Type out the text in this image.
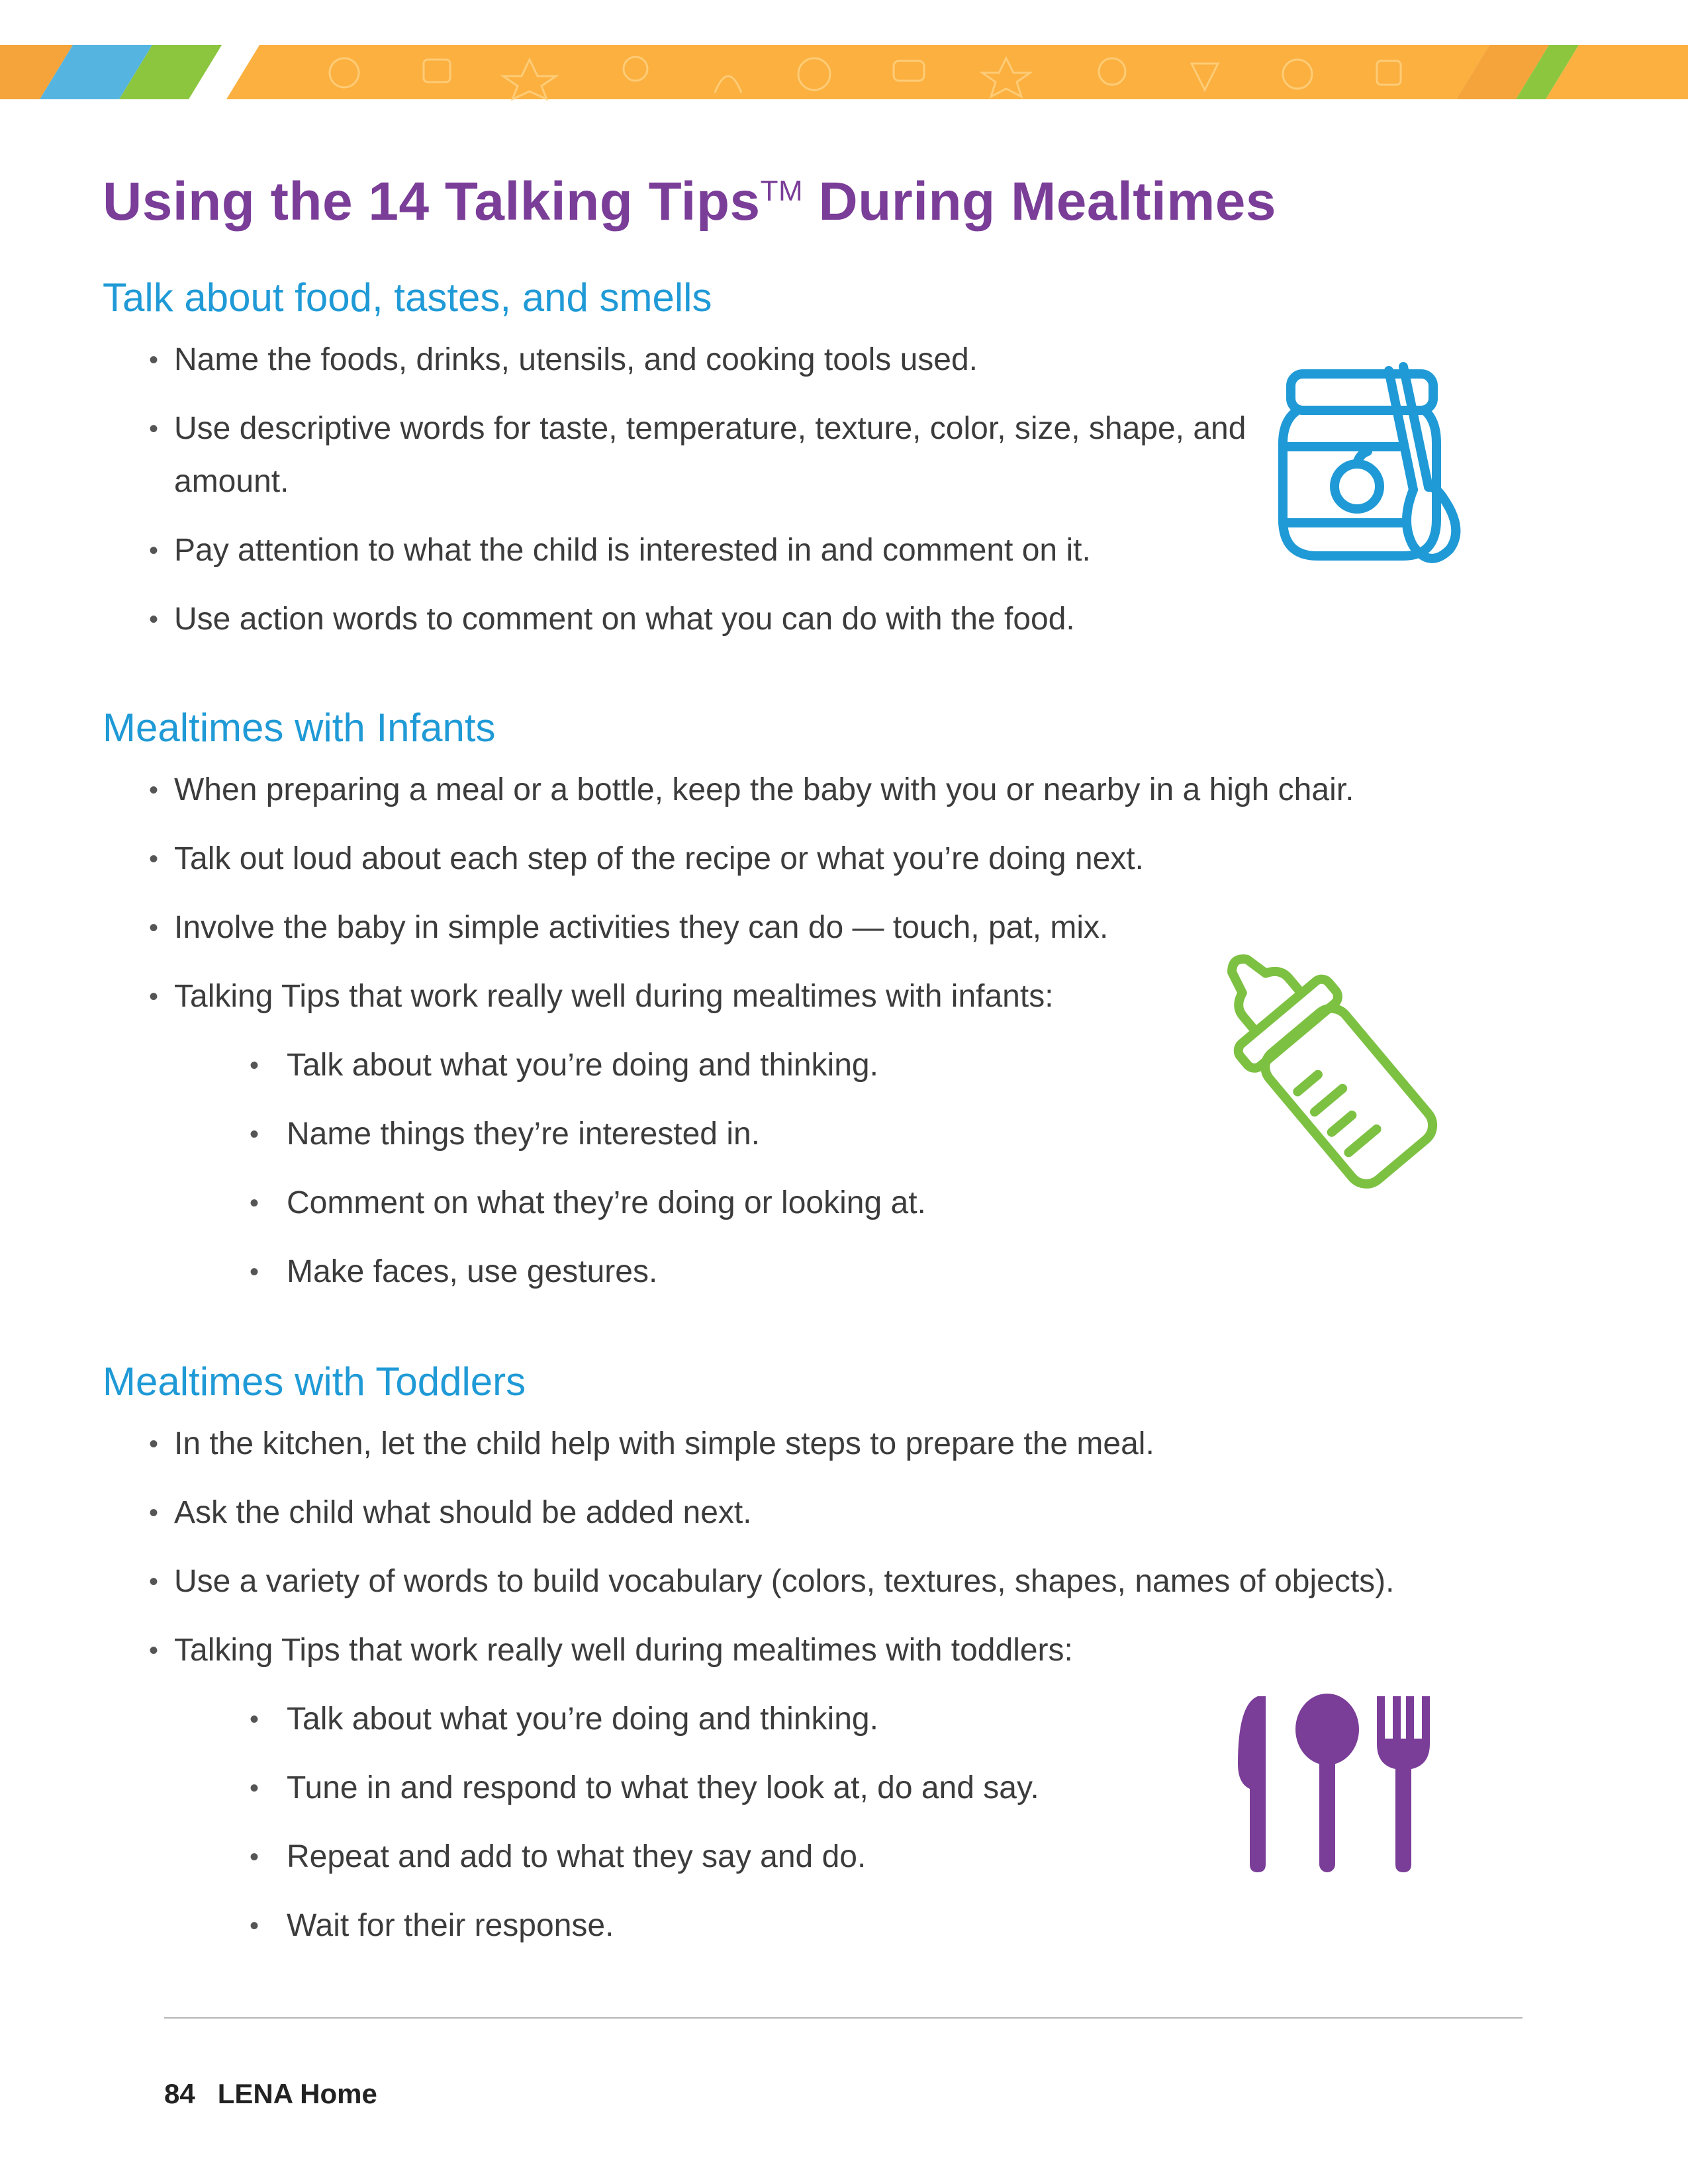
Using the 14 Talking Tips™ During Mealtimes
Talk about food, tastes, and smells
• Name the foods, drinks, utensils, and cooking tools used.
• Use descriptive words for taste, temperature, texture, color, size, shape, and amount.
• Pay attention to what the child is interested in and comment on it.
• Use action words to comment on what you can do with the food.
Mealtimes with Infants
• When preparing a meal or a bottle, keep the baby with you or nearby in a high chair.
• Talk out loud about each step of the recipe or what you’re doing next.
• Involve the baby in simple activities they can do — touch, pat, mix.
• Talking Tips that work really well during mealtimes with infants:
• Talk about what you’re doing and thinking.
• Name things they’re interested in.
• Comment on what they’re doing or looking at.
• Make faces, use gestures.
Mealtimes with Toddlers
• In the kitchen, let the child help with simple steps to prepare the meal.
• Ask the child what should be added next.
• Use a variety of words to build vocabulary (colors, textures, shapes, names of objects).
• Talking Tips that work really well during mealtimes with toddlers:
• Talk about what you’re doing and thinking.
• Tune in and respond to what they look at, do and say.
• Repeat and add to what they say and do.
• Wait for their response.
84 LENA Home
